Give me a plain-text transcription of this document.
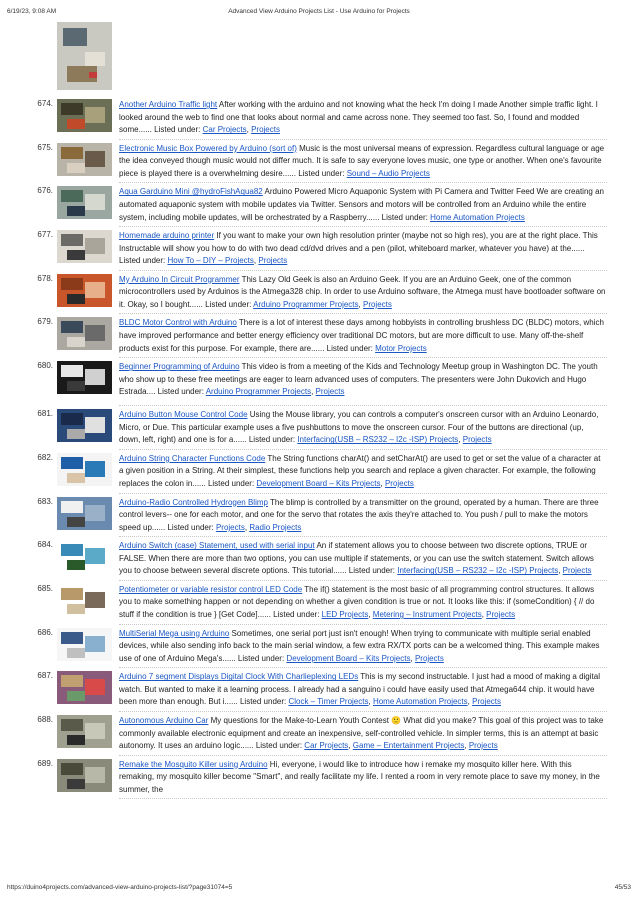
6/19/23, 9:08 AM	Advanced View Arduino Projects List - Use Arduino for Projects
674.	Another Arduino Traffic light After working with the arduino and not knowing what the heck I'm doing I made Another simple traffic light. I looked around the web to find one that looks about normal and came across none. They seemed too fast. So, I found and modded some...... Listed under: Car Projects, Projects
675.	Electronic Music Box Powered by Arduino (sort of) Music is the most universal means of expression. Regardless cultural language or age the idea conveyed though music would not differ much. It is safe to say everyone loves music, one type or another. When one's favourite piece is played there is a overwhelming desire...... Listed under: Sound – Audio Projects
676.	Aqua Garduino Mini @hydroFishAqua82 Arduino Powered Micro Aquaponic System with Pi Camera and Twitter Feed We are creating an automated aquaponic system with mobile updates via Twitter. Sensors and motors will be controlled from an Arduino while the entire system, including mobile updates, will be orchestrated by a Raspberry...... Listed under: Home Automation Projects
677.	Homemade arduino printer If you want to make your own high resolution printer (maybe not so high res), you are at the right place. This Instructable will show you how to do with two dead cd/dvd drives and a pen (pilot, whiteboard marker, whatever you have) at the...... Listed under: How To – DIY – Projects, Projects
678.	My Arduino In Circuit Programmer This Lazy Old Geek is also an Arduino Geek. If you are an Arduino Geek, one of the common microcontrollers used by Arduinos is the Atmega328 chip. In order to use Arduino software, the Atmega must have bootloader software on it. Okay, so I bought...... Listed under: Arduino Programmer Projects, Projects
679.	BLDC Motor Control with Arduino There is a lot of interest these days among hobbyists in controlling brushless DC (BLDC) motors, which have improved performance and better energy efficiency over traditional DC motors, but are more difficult to use. Many off-the-shelf products exist for this purpose. For example, there are...... Listed under: Motor Projects
680.	Beginner Programming of Arduino This video is from a meeting of the Kids and Technology Meetup group in Washington DC. The youth who show up to these free meetings are eager to learn advanced uses of computers. The presenters were John Dukovich and Hugo Estrada.... Listed under: Arduino Programmer Projects, Projects
681.	Arduino Button Mouse Control Code Using the Mouse library, you can controls a computer's onscreen cursor with an Arduino Leonardo, Micro, or Due. This particular example uses a five pushbuttons to move the onscreen cursor. Four of the buttons are directional (up, down, left, right) and one is for a...... Listed under: Interfacing(USB – RS232 – I2c -ISP) Projects, Projects
682.	Arduino String Character Functions Code The String functions charAt() and setCharAt() are used to get or set the value of a character at a given position in a String. At their simplest, these functions help you search and replace a given character. For example, the following replaces the colon in...... Listed under: Development Board – Kits Projects, Projects
683.	Arduino-Radio Controlled Hydrogen Blimp The blimp is controlled by a transmitter on the ground, operated by a human. There are three control levers-- one for each motor, and one for the servo that rotates the axis they're attached to. You push / pull to make the motors speed up...... Listed under: Projects, Radio Projects
684.	Arduino Switch (case) Statement, used with serial input An if statement allows you to choose between two discrete options, TRUE or FALSE. When there are more than two options, you can use multiple if statements, or you can use the switch statement. Switch allows you to choose between several discrete options. This tutorial...... Listed under: Interfacing(USB – RS232 – I2c -ISP) Projects, Projects
685.	Potentiometer or variable resistor control LED Code The if() statement is the most basic of all programming control structures. It allows you to make something happen or not depending on whether a given condition is true or not. It looks like this: if (someCondition) { // do stuff if the condition is true } [Get Code]...... Listed under: LED Projects, Metering – Instrument Projects, Projects
686.	MultiSerial Mega using Arduino Sometimes, one serial port just isn't enough! When trying to communicate with multiple serial enabled devices, while also sending info back to the main serial window, a few extra RX/TX ports can be a welcomed thing. This example makes use of one of Arduino Mega's...... Listed under: Development Board – Kits Projects, Projects
687.	Arduino 7 segment Displays Digital Clock With Charlieplexing LEDs This is my second instructable. I just had a mood of making a digital watch. But wanted to make it a learning process. I already had a sanguino i could have easily used that Atmega644 chip. it would have been more than enough. But i...... Listed under: Clock – Timer Projects, Home Automation Projects, Projects
688.	Autonomous Arduino Car My questions for the Make-to-Learn Youth Contest 🙂 What did you make? This goal of this project was to take commonly available electronic equipment and create an inexpensive, self-controlled vehicle. In simpler terms, this is an attempt at basic autonomy. It uses an arduino logic...... Listed under: Car Projects, Game – Entertainment Projects, Projects
689.	Remake the Mosquito Killer using Arduino Hi, everyone, i would like to introduce how i remake my mosquito killer here. With this remaking, my mosquito killer become "Smart", and really facilitate my life. I rented a room in very remote place to save my money, in the summer, the
https://duino4projects.com/advanced-view-arduino-projects-list/?page31074=5	45/53
